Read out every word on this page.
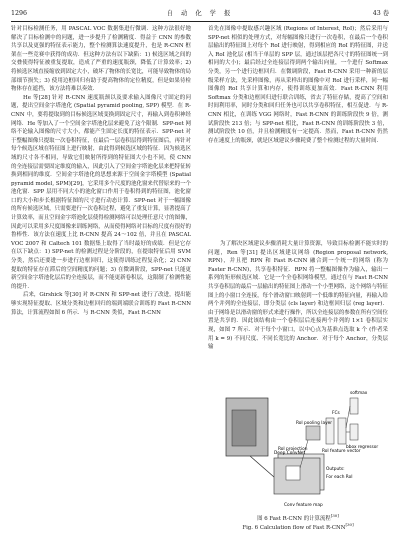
1296	自 动 化 学 报	43 卷

针对目标检测任务，用 PASCAL VOC 数据集进行微调．这种方法很好地解决了目标检测中的问题，进一步提升了检测精度．得益于 CNN 的参数共享以及更强的特征表示能力，整个检测算法速度提升，也是 R-CNN 框架在一些竞赛中获得的成功．但这种方法有以下缺陷：1) 候选区域之间的交叠使得特征被重复提取，造成了严重的速度瓶颈，降低了计算效率；2) 将候选区域直接缩放到固定大小，破坏了物体的长宽比，可能导致物体的局部细节损失；3) 使用边框回归有助于提高物体的定位精度，但是如果待检物体存在遮挡，该方法将难以奏效．

He 等[28] 针对 R-CNN 速度瓶颈以及要求输入图像尺寸固定的问题，提出空间金字塔池化 (Spatial pyramid pooling, SPP) 模型．在 R-CNN 中，要将提取到的目标候选区域变换到固定尺寸，再输入到卷积神经网络．He 等加入了一个空间金字塔池化层来避免了这个限制．SPP-net 网络不论输入图像的尺寸大小，都能产生固定长度的特征表示．SPP-net 对于整幅图像只提取一次卷积特征，在最后一层卷积层得到特征图后，再针对每个候选区域在特征图上进行映射，由此得到候选区域的特征．因为候选区域的尺寸各不相同，导致它们映射所得到的特征图大小也不同，使 CNN 的全连接层需要固定维度的输入，因此引入了空间金字塔池化层来把特征转换到相同的维度．空间金字塔池化的思想来源于空间金字塔模型 (Spatial pyramid model, SPM)[29]，它采用多个尺度的池化窗来代替原来的一个池化窗．SPP 层用不同大小的池化窗口作用于卷积得到的特征图，池化窗口的大小和步长根据特征图的尺寸进行动态计算．SPP-net 对于一幅图像的所有候选区域，只需要进行一次卷积过程，避免了重复计算，显著提高了计算效率，而且空间金字塔池化层使得检测网络可以处理任意尺寸的图像，因此可以采用多尺度图像来训练网络，从而使得网络对目标的尺度有很好的鲁棒性．该方法在速度上比 R-CNN 提高 24～102 倍，并且在 PASCAL VOC 2007 和 Caltech 101 数据集上取得了当时最好的成绩．但是它存在以下缺点：1) SPP-net 的检测过程是分阶段的，在提取特征后用 SVM 分类，然后还要进一步进行边框回归，这使得训练过程复杂化；2) CNN 提取的特征存在滞后的空间精度的问题；3) 在微调阶段，SPP-net 只能更新空间金字塔池化层后的全连接层，而不能更新卷积层，这限制了检测性能的提升．

后来，Girshick 等[30] 对 R-CNN 和 SPP-net 进行了改进，提出能够实现特征提取、区域分类和边框回归的端到端联合训练的 Fast R-CNN 算法，计算流程如图 6 所示．与 R-CNN 类似，Fast R-CNN

首先在图像中提取感兴趣区域 (Regions of Interest, RoI)；然后采用与 SPP-net 相似的处理方式，对每幅图像只进行一次卷积，在最后一个卷积层输出的特征图上对每个 RoI 进行映射，得到相应的 RoI 的特征图，并送入 RoI 池化层 (相当于单层的 SPP 层，通过该层把各尺寸的特征图统一到相同的大小)；最后经过全连接层得到两个输出向量，一个进行 Softmax 分类，另一个进行边框回归．在微调阶段，Fast R-CNN 采用一种新的层级采样方法，先采样图像，再从采样出的图像中对 RoI 进行采样，同一幅图像的 RoI 共享计算和内存，使得训练更加高效．Fast R-CNN 利用 Softmax 分类和边框回归进行联合训练，省去了特征存储，提高了空间和时间利用率，同时分类和回归任务也可以共享卷积特征，相互促进．与 R-CNN 相比，在训练 VGG 网络时，Fast R-CNN 的训练阶段快 9 倍，测试阶段快 213 倍；与 SPP-net 相比，Fast R-CNN 的训练阶段快 3 倍，测试阶段快 10 倍，并且检测精度有一定提高．然而，Fast R-CNN 仍然存在速度上的瓶颈，就是区域建议步骤耗费了整个检测过程的大量时间．

为了解决区域建议步骤消耗大量计算资源，导致目标检测不能实时的问题，Ren 等[31] 提出区域建议网络 (Region proposal network, RPN)，并且把 RPN 和 Fast R-CNN 融合到一个统一的网络 (称为 Faster R-CNN)，共享卷积特征．RPN 将一整幅图像作为输入，输出一系列的矩形候选区域．它是一个全卷积网络模型，通过在与 Fast R-CNN 共享卷积层的最后一层输出的特征图上滑动一个小型网络，这个网络与特征图上的小窗口全连接，每个滑动窗口映射到一个低维的特征向量，再输入给两个并列的全连接层，即分类层 (cls layer) 和边框回归层 (reg layer)．由于网络是以滑动窗的形式来进行操作，所以全连接层的参数在所有空间位置是共享的．因此该结构由一个卷积层后连接两个并列的 1×1 卷积层实现，如图 7 所示．对于每个小窗口，以中心点为基准点选取 k 个 (作者采用 k = 9) 不同尺度、不同长宽比的 Anchor．对于每个 Anchor，分类层输

Deep ConvNet
Conv feature map
RoI projection
RoI pooling layer
RoI feature vector
FCs
softmax
bbox regressor
Outputs:
For each RoI
图 6 Fast R-CNN 的计算流程[30]
Fig. 6 Calculation flow of Fast R-CNN[30]
